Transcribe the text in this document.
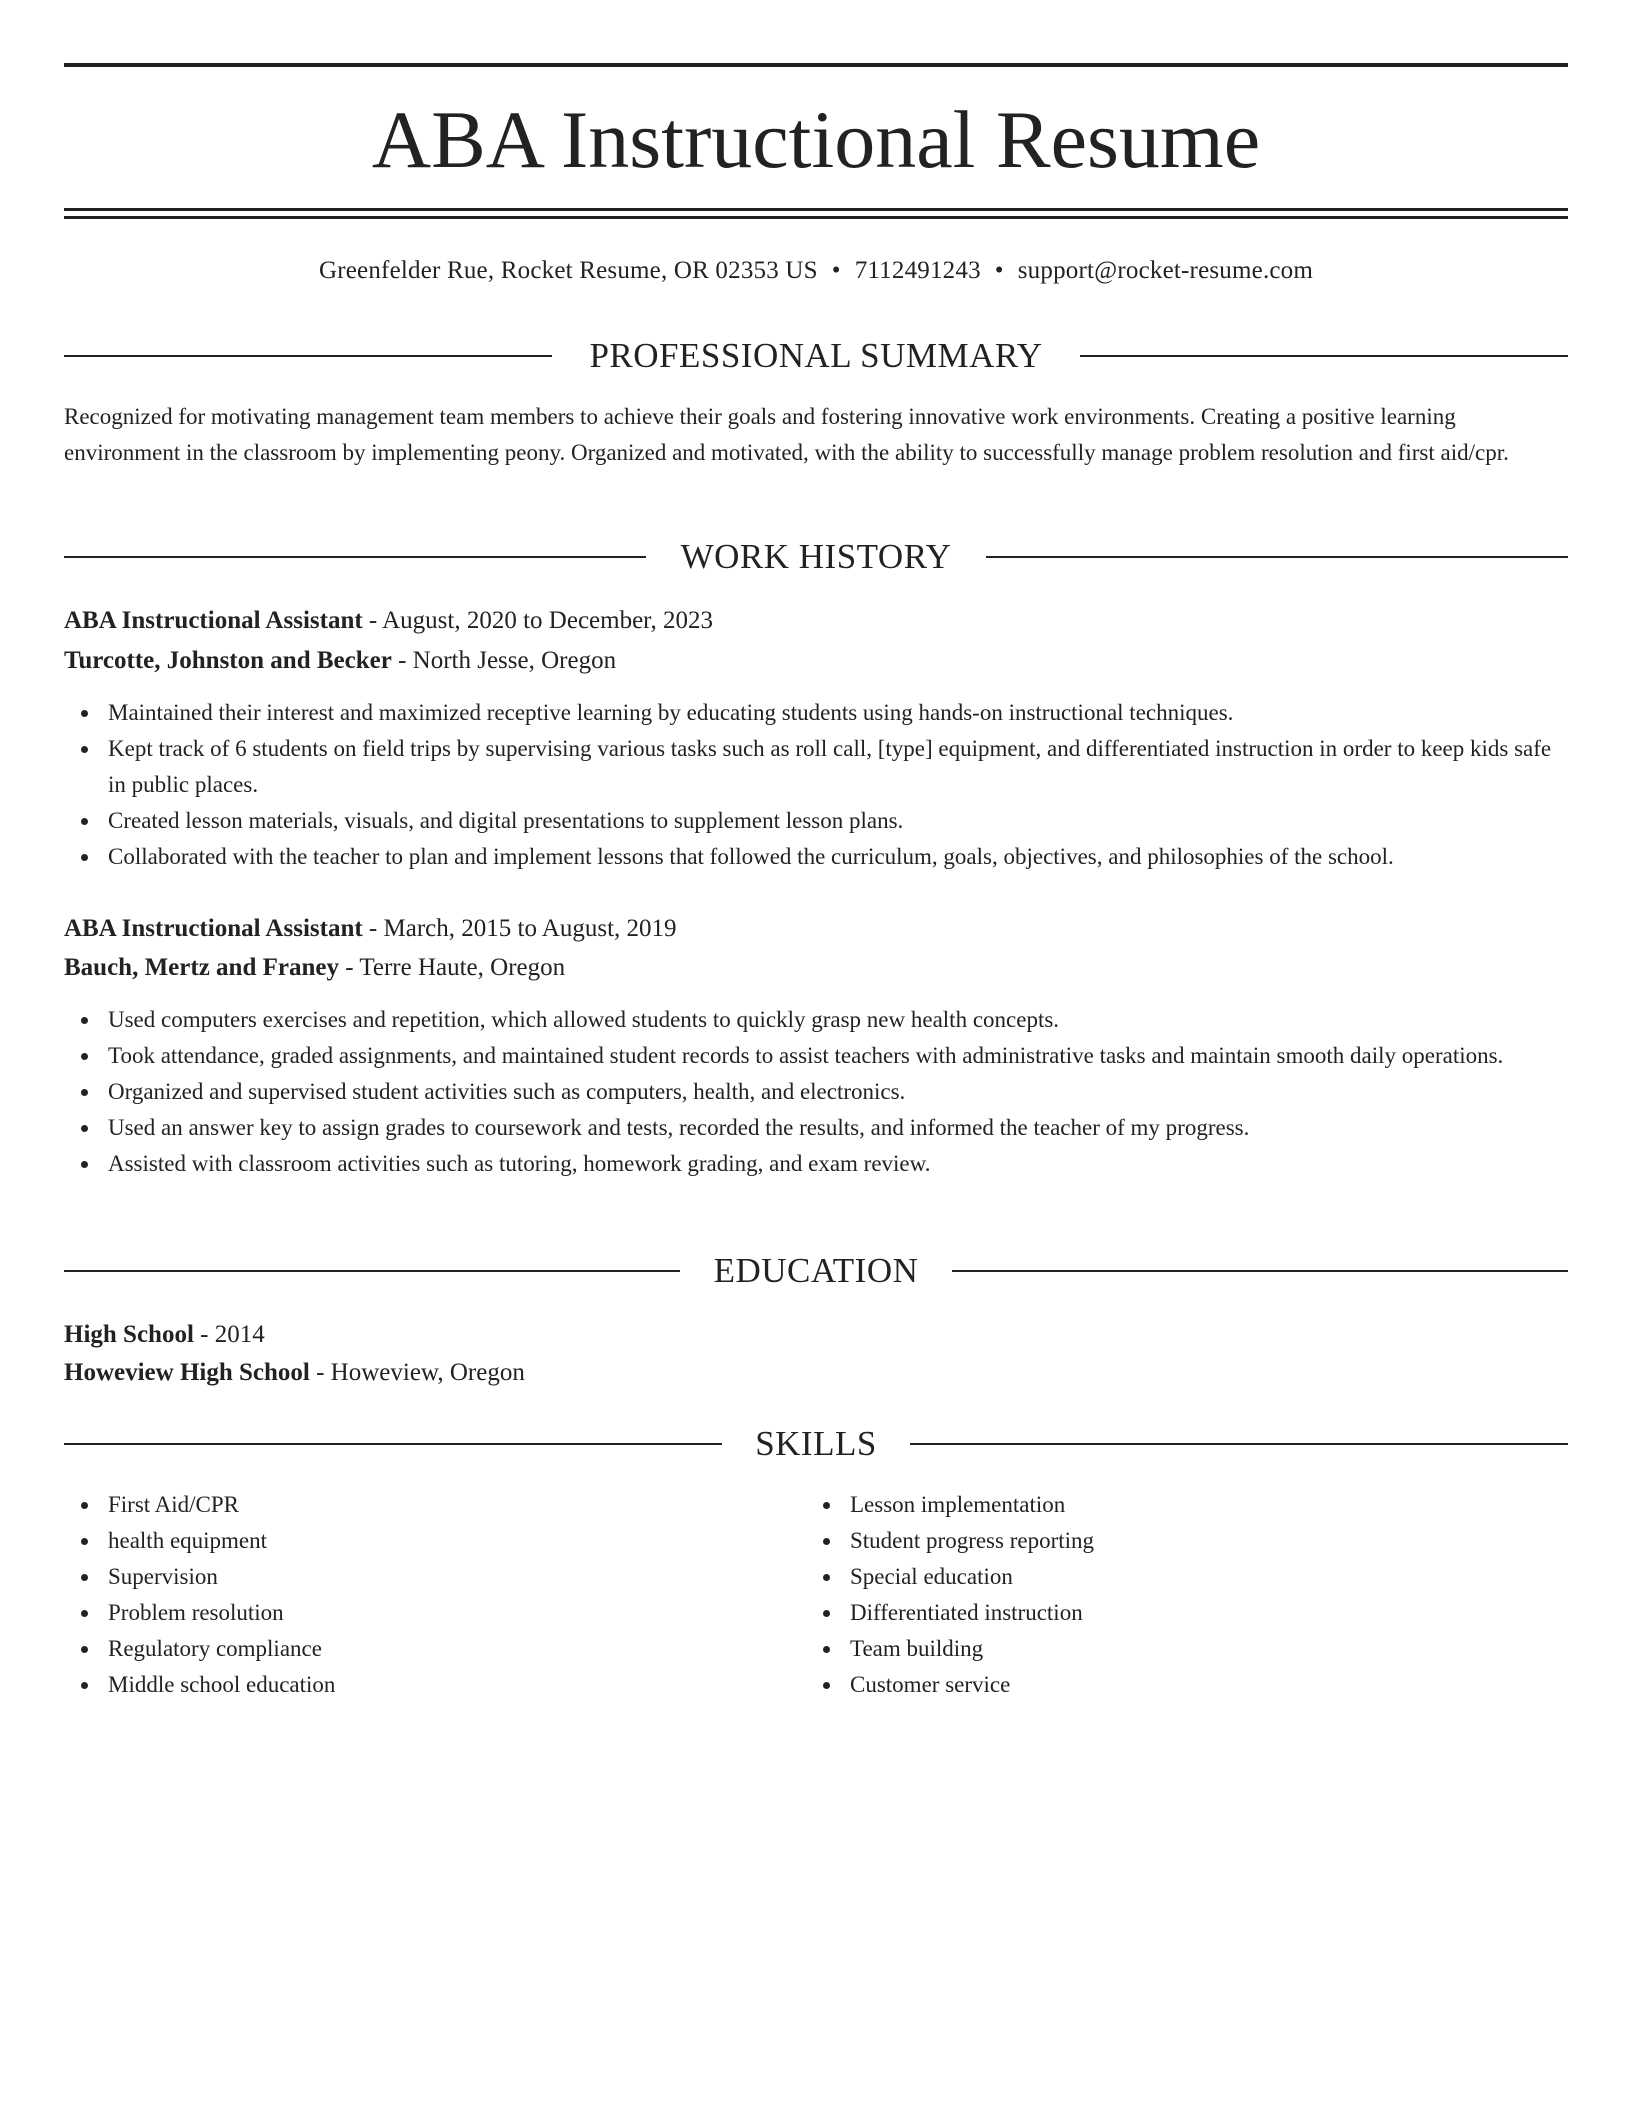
ABA Instructional Resume
Greenfelder Rue, Rocket Resume, OR 02353 US • 7112491243 • support@rocket-resume.com
PROFESSIONAL SUMMARY

Recognized for motivating management team members to achieve their goals and fostering innovative work environments. Creating a positive learning environment in the classroom by implementing peony. Organized and motivated, with the ability to successfully manage problem resolution and first aid/cpr.

WORK HISTORY
ABA Instructional Assistant - August, 2020 to December, 2023
Turcotte, Johnston and Becker - North Jesse, Oregon
Maintained their interest and maximized receptive learning by educating students using hands-on instructional techniques.
Kept track of 6 students on field trips by supervising various tasks such as roll call, [type] equipment, and differentiated instruction in order to keep kids safe in public places.
Created lesson materials, visuals, and digital presentations to supplement lesson plans.
Collaborated with the teacher to plan and implement lessons that followed the curriculum, goals, objectives, and philosophies of the school.
ABA Instructional Assistant - March, 2015 to August, 2019
Bauch, Mertz and Franey - Terre Haute, Oregon
Used computers exercises and repetition, which allowed students to quickly grasp new health concepts.
Took attendance, graded assignments, and maintained student records to assist teachers with administrative tasks and maintain smooth daily operations.
Organized and supervised student activities such as computers, health, and electronics.
Used an answer key to assign grades to coursework and tests, recorded the results, and informed the teacher of my progress.
Assisted with classroom activities such as tutoring, homework grading, and exam review.
EDUCATION
High School - 2014
Howeview High School - Howeview, Oregon
SKILLS
First Aid/CPR
health equipment
Supervision
Problem resolution
Regulatory compliance
Middle school education
Lesson implementation
Student progress reporting
Special education
Differentiated instruction
Team building
Customer service
